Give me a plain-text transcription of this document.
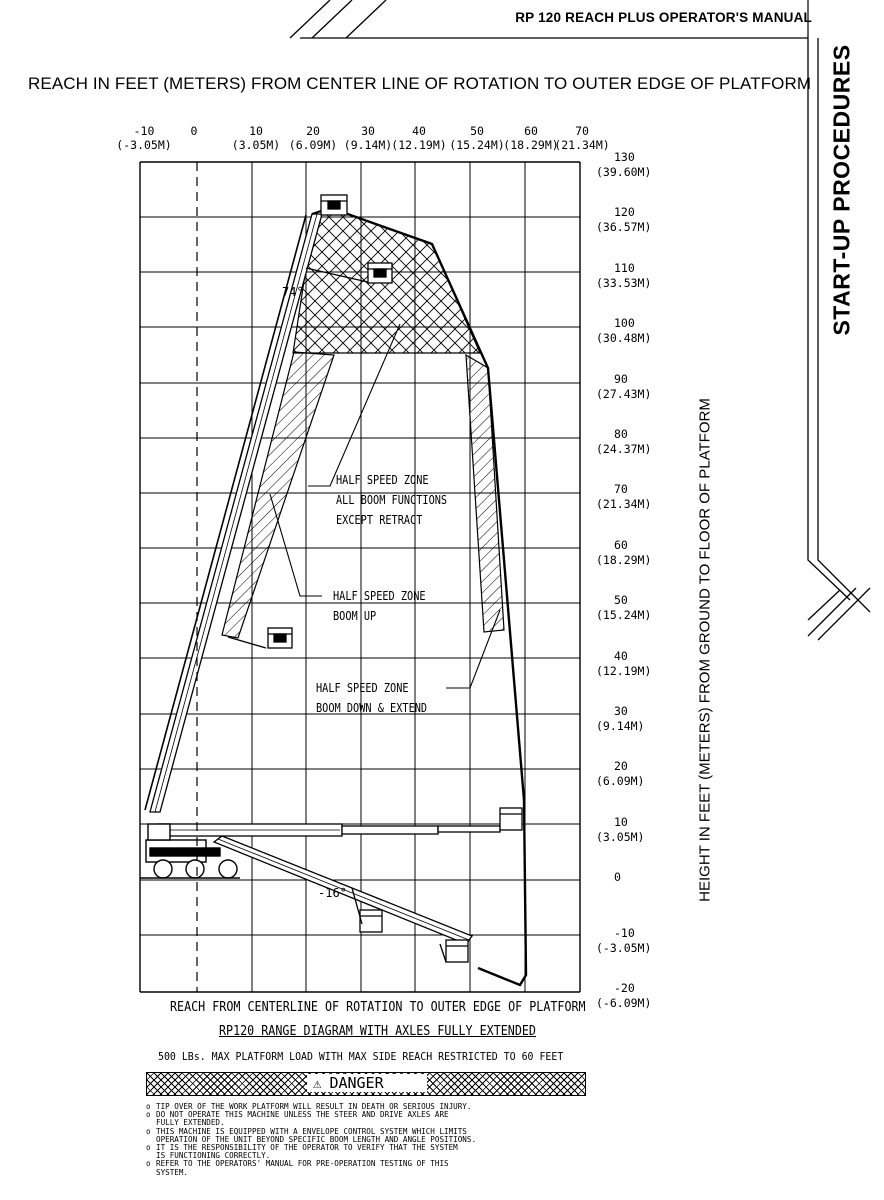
RP 120 REACH PLUS OPERATOR'S MANUAL
START-UP PROCEDURES
REACH IN FEET (METERS) FROM CENTER LINE OF ROTATION TO OUTER EDGE OF PLATFORM
-10
(-3.05M)
0
	10
(3.05M)
20
(6.09M)
30
(9.14M)
40
(12.19M)
50
(15.24M)
60
(18.29M)
70
(21.34M)
130
(39.60M)
120
(36.57M)
110
(33.53M)
100
(30.48M)
90
(27.43M)
80
(24.37M)
70
(21.34M)
60
(18.29M)
50
(15.24M)
40
(12.19M)
30
(9.14M)
20
(6.09M)
10
(3.05M)
0
-10
(-3.05M)
-20
(-6.09M)
HEIGHT IN FEET (METERS) FROM GROUND TO FLOOR OF PLATFORM
74°
-16°
HALF SPEED ZONE
ALL BOOM FUNCTIONS
EXCEPT RETRACT
HALF SPEED ZONE
BOOM UP
HALF SPEED ZONE
BOOM DOWN & EXTEND
REACH FROM CENTERLINE OF ROTATION TO OUTER EDGE OF PLATFORM
RP120 RANGE DIAGRAM WITH AXLES FULLY EXTENDED
500 LBs. MAX PLATFORM LOAD WITH MAX SIDE REACH RESTRICTED TO 60 FEET
⚠ DANGER
o TIP OVER OF THE WORK PLATFORM WILL RESULT IN DEATH OR SERIOUS INJURY.
o DO NOT OPERATE THIS MACHINE UNLESS THE STEER AND DRIVE AXLES ARE
FULLY EXTENDED.
o THIS MACHINE IS EQUIPPED WITH A ENVELOPE CONTROL SYSTEM WHICH LIMITS
OPERATION OF THE UNIT BEYOND SPECIFIC BOOM LENGTH AND ANGLE POSITIONS.
o IT IS THE RESPONSIBILITY OF THE OPERATOR TO VERIFY THAT THE SYSTEM
IS FUNCTIONING CORRECTLY.
o REFER TO THE OPERATORS' MANUAL FOR PRE-OPERATION TESTING OF THIS
SYSTEM.
